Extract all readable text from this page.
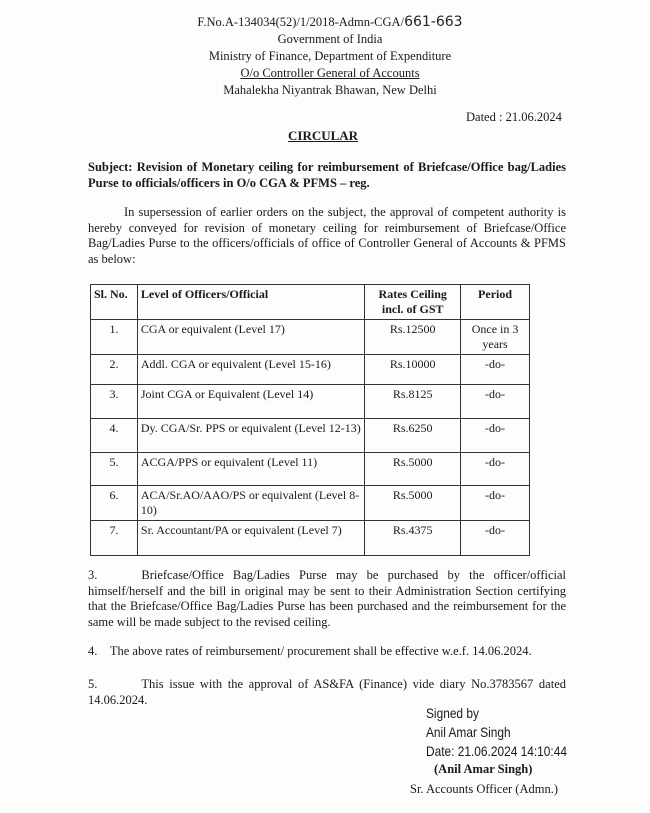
F.No.A-134034(52)/1/2018-Admn-CGA/661-663
Government of India
Ministry of Finance, Department of Expenditure
O/o Controller General of Accounts
Mahalekha Niyantrak Bhawan, New Delhi
Dated : 21.06.2024
CIRCULAR
Subject: Revision of Monetary ceiling for reimbursement of Briefcase/Office bag/Ladies Purse to officials/officers in O/o CGA & PFMS – reg.
In supersession of earlier orders on the subject, the approval of competent authority is hereby conveyed for revision of monetary ceiling for reimbursement of Briefcase/Office Bag/Ladies Purse to the officers/officials of office of Controller General of Accounts & PFMS as below:
Sl. No.	Level of Officers/Official	Rates Ceiling incl. of GST	Period
1.	CGA or equivalent (Level 17)	Rs.12500	Once in 3 years
2.	Addl. CGA or equivalent (Level 15-16)	Rs.10000	-do-
3.	Joint CGA or Equivalent (Level 14)	Rs.8125	-do-
4.	Dy. CGA/Sr. PPS or equivalent (Level 12-13)	Rs.6250	-do-
5.	ACGA/PPS or equivalent (Level 11)	Rs.5000	-do-
6.	ACA/Sr.AO/AAO/PS or equivalent (Level 8-10)	Rs.5000	-do-
7.	Sr. Accountant/PA or equivalent (Level 7)	Rs.4375	-do-
3.	Briefcase/Office Bag/Ladies Purse may be purchased by the officer/official himself/herself and the bill in original may be sent to their Administration Section certifying that the Briefcase/Office Bag/Ladies Purse has been purchased and the reimbursement for the same will be made subject to the revised ceiling.
4. The above rates of reimbursement/ procurement shall be effective w.e.f. 14.06.2024.
5.	This issue with the approval of AS&FA (Finance) vide diary No.3783567 dated 14.06.2024.
Signed by
Anil Amar Singh
Date: 21.06.2024 14:10:44
(Anil Amar Singh)
Sr. Accounts Officer (Admn.)
